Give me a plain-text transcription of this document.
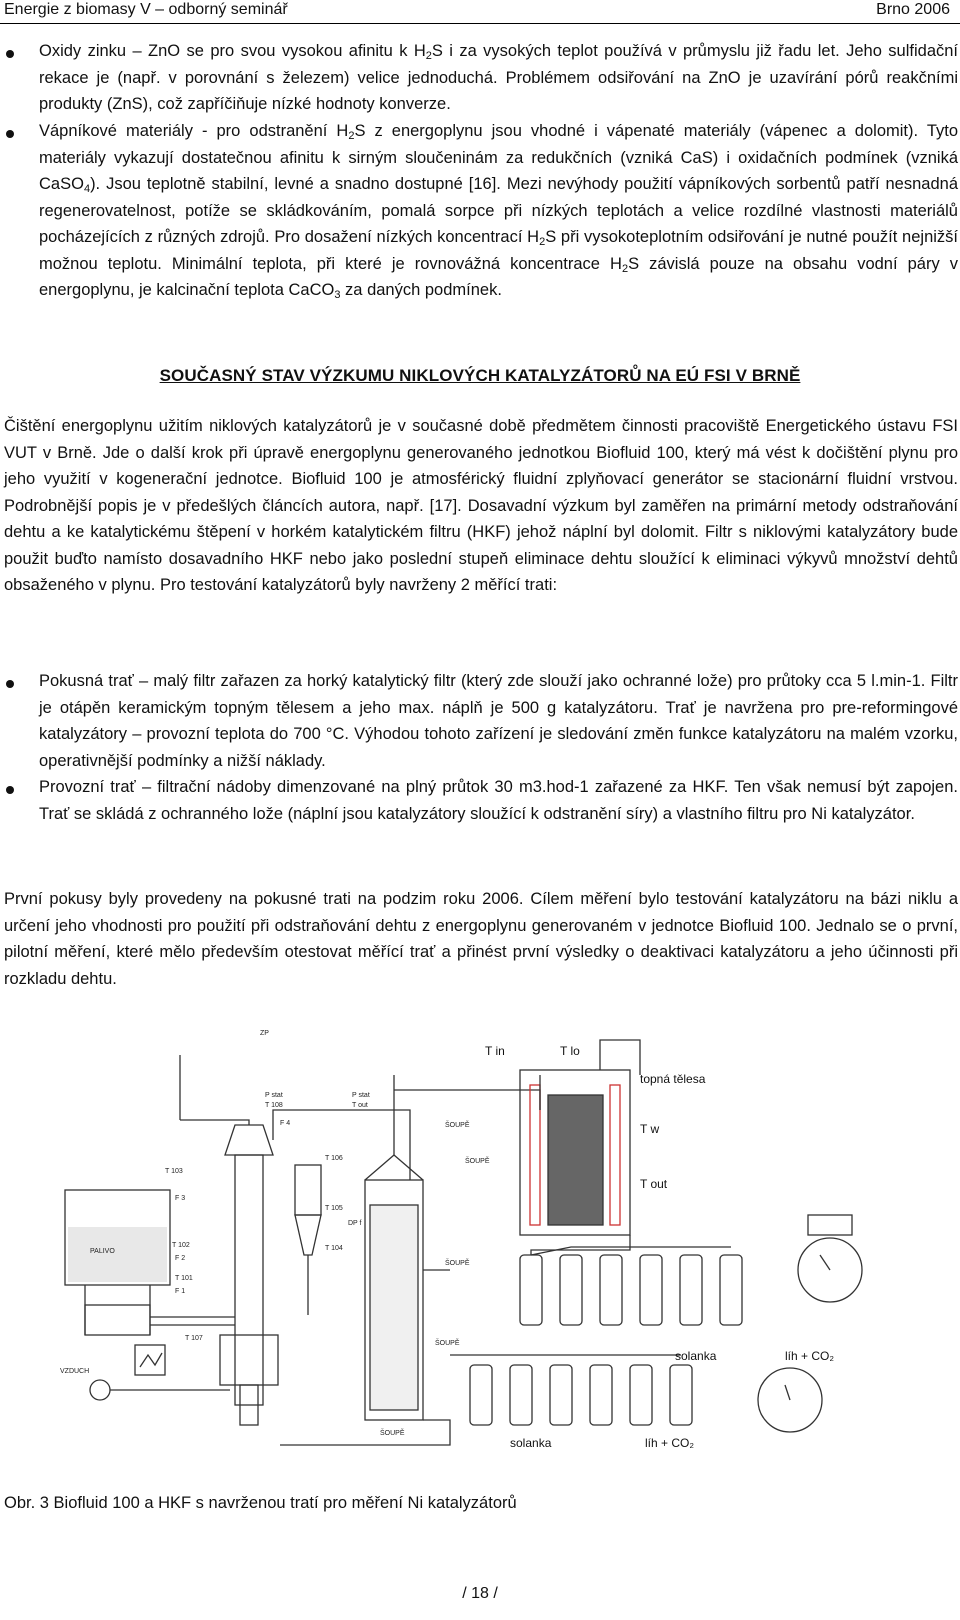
Energie z biomasy V – odborný seminář	Brno 2006
Oxidy zinku – ZnO se pro svou vysokou afinitu k $H_2S$ i za vysokých teplot používá v průmyslu již řadu let. Jeho sulfidační rekace je (např. v porovnání s železem) velice jednoduchá. Problémem odsiřování na ZnO je uzavírání pórů reakčními produkty (ZnS), což zapříčiňuje nízké hodnoty konverze.
Vápníkové materiály - pro odstranění $H_2S$ z energoplynu jsou vhodné i vápenaté materiály (vápenec a dolomit). Tyto materiály vykazují dostatečnou afinitu k sirným sloučeninám za redukčních (vzniká CaS) i oxidačních podmínek (vzniká CaSO$_4$). Jsou teplotně stabilní, levné a snadno dostupné [16]. Mezi nevýhody použití vápníkových sorbentů patří nesnadná regenerovatelnost, potíže se skládkováním, pomalá sorpce při nízkých teplotách a velice rozdílné vlastnosti materiálů pocházejících z různých zdrojů. Pro dosažení nízkých koncentrací $H_2S$ při vysokoteplotním odsiřování je nutné použít nejnižší možnou teplotu. Minimální teplota, při které je rovnovážná koncentrace $H_2S$ závislá pouze na obsahu vodní páry v energoplynu, je kalcinační teplota CaCO$_3$ za daných podmínek.
SOUČASNÝ STAV VÝZKUMU NIKLOVÝCH KATALYZÁTORŮ NA EÚ FSI V BRNĚ
Čištění energoplynu užitím niklových katalyzátorů je v současné době předmětem činnosti pracoviště Energetického ústavu FSI VUT v Brně. Jde o další krok při úpravě energoplynu generovaného jednotkou Biofluid 100, který má vést k dočištění plynu pro jeho využití v kogenerační jednotce. Biofluid 100 je atmosférický fluidní zplyňovací generátor se stacionární fluidní vrstvou. Podrobnější popis je v předešlých článcích autora, např. [17]. Dosavadní výzkum byl zaměřen na primární metody odstraňování dehtu a ke katalytickému štěpení v horkém katalytickém filtru (HKF) jehož náplní byl dolomit. Filtr s niklovými katalyzátory bude použit buďto namísto dosavadního HKF nebo jako poslední stupeň eliminace dehtu sloužící k eliminaci výkyvů množství dehtů obsaženého v plynu. Pro testování katalyzátorů byly navrženy 2 měřící trati:
Pokusná trať – malý filtr zařazen za horký katalytický filtr (který zde slouží jako ochranné lože) pro průtoky cca 5 l.min-1. Filtr je otápěn keramickým topným tělesem a jeho max. náplň je 500 g katalyzátoru. Trať je navržena pro pre-reformingové katalyzátory – provozní teplota do 700 °C. Výhodou tohoto zařízení je sledování změn funkce katalyzátoru na malém vzorku, operativnější podmínky a nižší náklady.
Provozní trať – filtrační nádoby dimenzované na plný průtok 30 m3.hod-1 zařazené za HKF. Ten však nemusí být zapojen. Trať se skládá z ochranného lože (náplní jsou katalyzátory sloužící k odstranění síry) a vlastního filtru pro Ni katalyzátor.
První pokusy byly provedeny na pokusné trati na podzim roku 2006. Cílem měření bylo testování katalyzátoru na bázi niklu a určení jeho vhodnosti pro použití při odstraňování dehtu z energoplynu generovaném v jednotce Biofluid 100. Jednalo se o první, pilotní měření, které mělo především otestovat měřící trať a přinést první výsledky o deaktivaci katalyzátoru a jeho účinnosti při rozkladu dehtu.
T in	T lo
topná tělesa
T w
T out
solanka	líh + CO₂
solanka	líh + CO₂
PALIVO
VZDUCH
ZP
P stat
T 108
P stat
T out
F 4
F 3
T 103
T 102
F 2
T 101
F 1
T 107
T 106
T 105
T 104
DP f
ŠOUPĚ
ŠOUPĚ
ŠOUPĚ
ŠOUPĚ
ŠOUPĚ
Obr. 3 Biofluid 100 a HKF s navrženou tratí pro měření Ni katalyzátorů
/ 18 /
